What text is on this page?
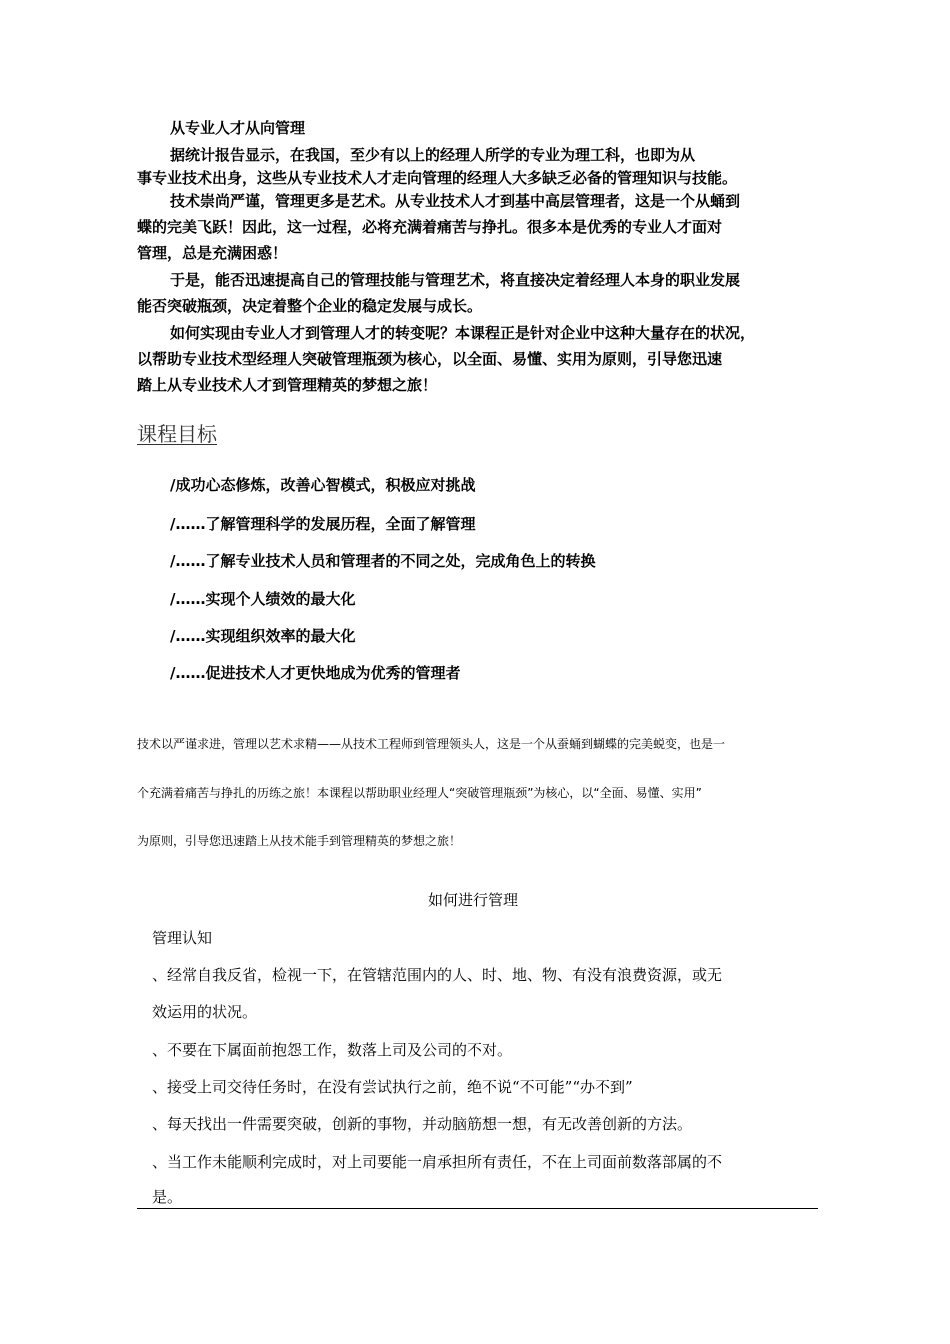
从专业人才从向管理
据统计报告显示，在我国，至少有以上的经理人所学的专业为理工科，也即为从
事专业技术出身，这些从专业技术人才走向管理的经理人大多缺乏必备的管理知识与技能。
技术崇尚严谨，管理更多是艺术。从专业技术人才到基中高层管理者，这是一个从蛹到
蝶的完美飞跃！因此，这一过程，必将充满着痛苦与挣扎。很多本是优秀的专业人才面对
管理，总是充满困惑！
于是，能否迅速提高自己的管理技能与管理艺术，将直接决定着经理人本身的职业发展
能否突破瓶颈，决定着整个企业的稳定发展与成长。
如何实现由专业人才到管理人才的转变呢？本课程正是针对企业中这种大量存在的状况，
以帮助专业技术型经理人突破管理瓶颈为核心，以全面、易懂、实用为原则，引导您迅速
踏上从专业技术人才到管理精英的梦想之旅！
课程目标
/成功心态修炼，改善心智模式，积极应对挑战
/……了解管理科学的发展历程，全面了解管理
/……了解专业技术人员和管理者的不同之处，完成角色上的转换
/……实现个人绩效的最大化
/……实现组织效率的最大化
/……促进技术人才更快地成为优秀的管理者
技术以严谨求进，管理以艺术求精——从技术工程师到管理领头人，这是一个从蚕蛹到蝴蝶的完美蜕变，也是一
个充满着痛苦与挣扎的历练之旅！本课程以帮助职业经理人“突破管理瓶颈”为核心，以“全面、易懂、实用”
为原则，引导您迅速踏上从技术能手到管理精英的梦想之旅！
如何进行管理
管理认知
、经常自我反省，检视一下，在管辖范围内的人、时、地、物、有没有浪费资源，或无
效运用的状况。
、不要在下属面前抱怨工作，数落上司及公司的不对。
、接受上司交待任务时，在没有尝试执行之前，绝不说“不可能”“办不到”
、每天找出一件需要突破，创新的事物，并动脑筋想一想，有无改善创新的方法。
、当工作未能顺利完成时，对上司要能一肩承担所有责任，不在上司面前数落部属的不
是。
